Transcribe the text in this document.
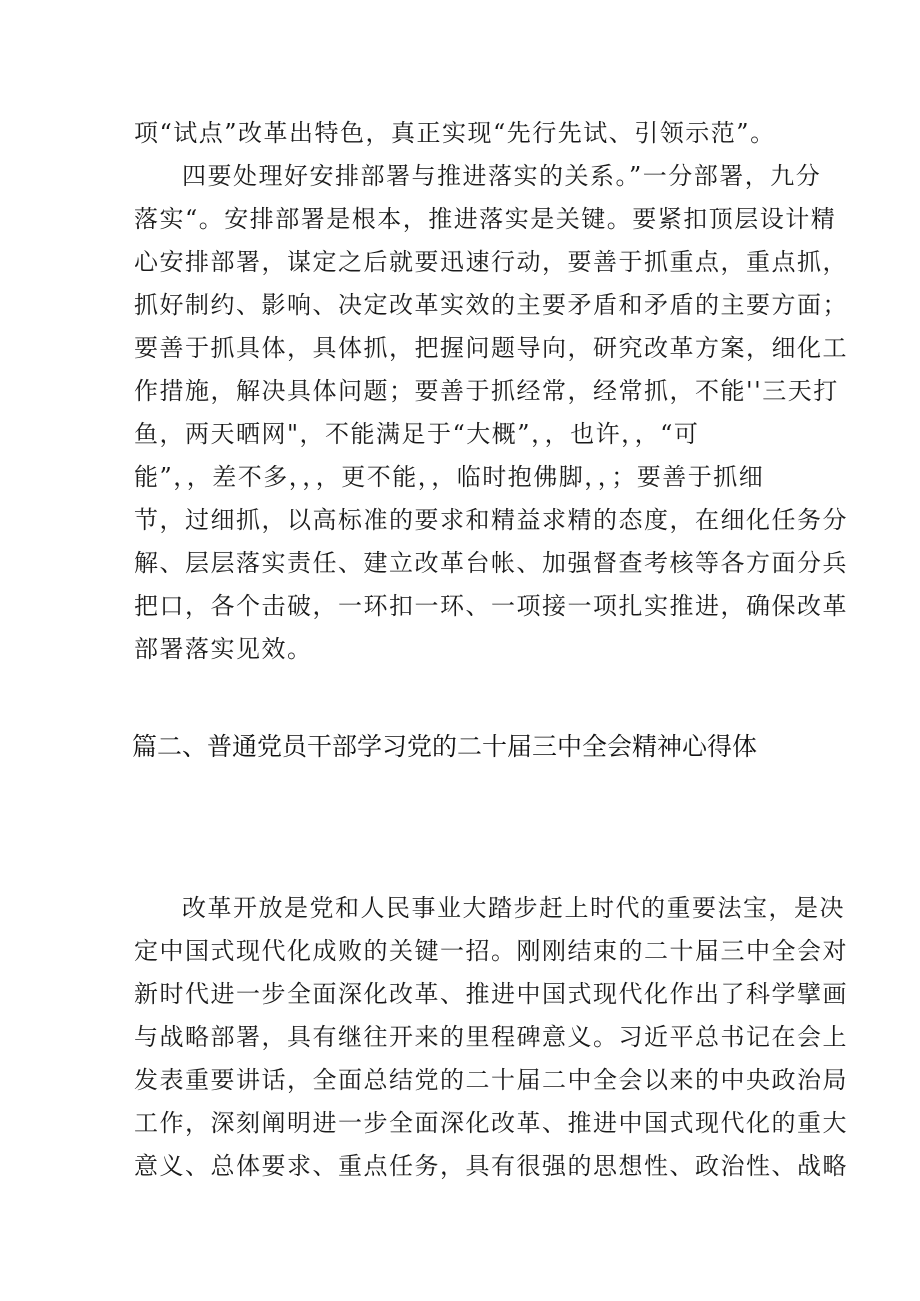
项“试点”改革出特色，真正实现“先行先试、引领示范”。
四要处理好安排部署与推进落实的关系。”一分部署，九分
落实“。安排部署是根本，推进落实是关键。要紧扣顶层设计精
心安排部署，谋定之后就要迅速行动，要善于抓重点，重点抓，
抓好制约、影响、决定改革实效的主要矛盾和矛盾的主要方面；
要善于抓具体，具体抓，把握问题导向，研究改革方案，细化工
作措施，解决具体问题；要善于抓经常，经常抓，不能''三天打
鱼，两天晒网"，不能满足于“大概”，，也许，，“可
能”，，差不多，，，更不能，，临时抱佛脚，，；要善于抓细
节，过细抓，以高标准的要求和精益求精的态度，在细化任务分
解、层层落实责任、建立改革台帐、加强督查考核等各方面分兵
把口，各个击破，一环扣一环、一项接一项扎实推进，确保改革
部署落实见效。
篇二、普通党员干部学习党的二十届三中全会精神心得体
改革开放是党和人民事业大踏步赶上时代的重要法宝，是决
定中国式现代化成败的关键一招。刚刚结束的二十届三中全会对
新时代进一步全面深化改革、推进中国式现代化作出了科学擘画
与战略部署，具有继往开来的里程碑意义。习近平总书记在会上
发表重要讲话，全面总结党的二十届二中全会以来的中央政治局
工作，深刻阐明进一步全面深化改革、推进中国式现代化的重大
意义、总体要求、重点任务，具有很强的思想性、政治性、战略
